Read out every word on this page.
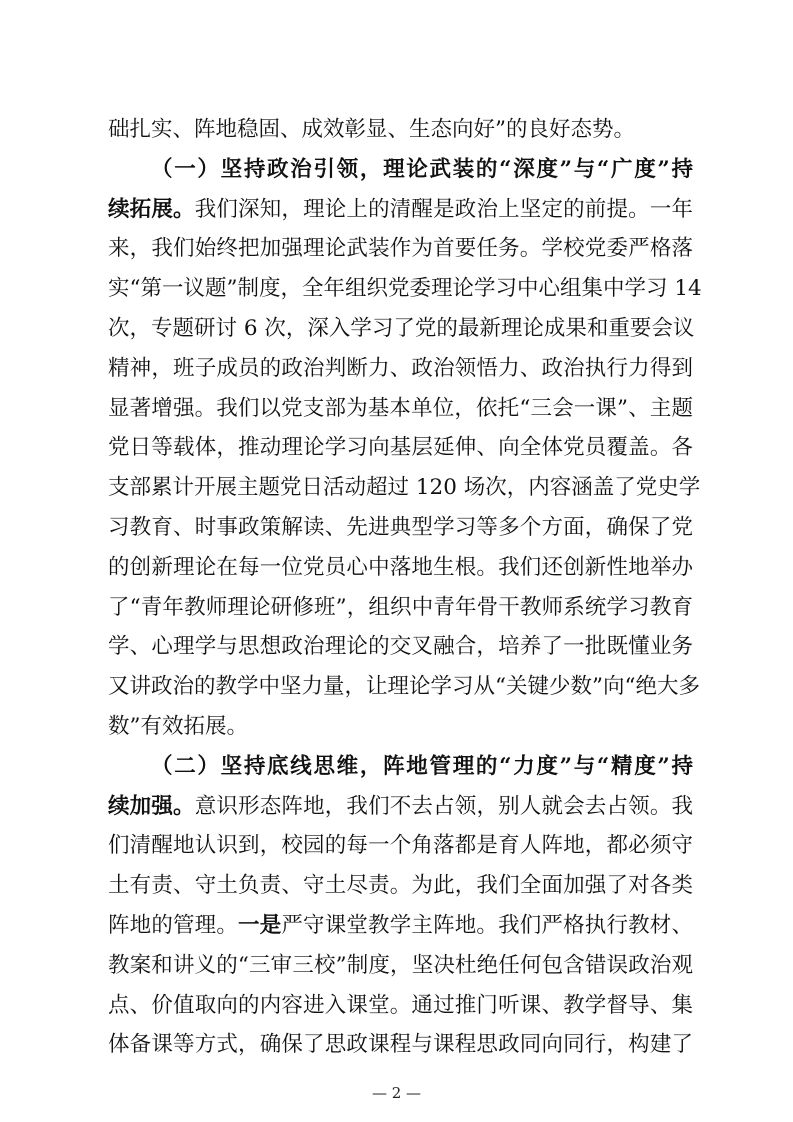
础扎实、阵地稳固、成效彰显、生态向好”的良好态势。
（一）坚持政治引领，理论武装的“深度”与“广度”持
续拓展。我们深知，理论上的清醒是政治上坚定的前提。一年
来，我们始终把加强理论武装作为首要任务。学校党委严格落
实“第一议题”制度，全年组织党委理论学习中心组集中学习 14
次，专题研讨 6 次，深入学习了党的最新理论成果和重要会议
精神，班子成员的政治判断力、政治领悟力、政治执行力得到
显著增强。我们以党支部为基本单位，依托“三会一课”、主题
党日等载体，推动理论学习向基层延伸、向全体党员覆盖。各
支部累计开展主题党日活动超过 120 场次，内容涵盖了党史学
习教育、时事政策解读、先进典型学习等多个方面，确保了党
的创新理论在每一位党员心中落地生根。我们还创新性地举办
了“青年教师理论研修班”，组织中青年骨干教师系统学习教育
学、心理学与思想政治理论的交叉融合，培养了一批既懂业务
又讲政治的教学中坚力量，让理论学习从“关键少数”向“绝大多
数”有效拓展。
（二）坚持底线思维，阵地管理的“力度”与“精度”持
续加强。意识形态阵地，我们不去占领，别人就会去占领。我
们清醒地认识到，校园的每一个角落都是育人阵地，都必须守
土有责、守土负责、守土尽责。为此，我们全面加强了对各类
阵地的管理。一是严守课堂教学主阵地。我们严格执行教材、
教案和讲义的“三审三校”制度，坚决杜绝任何包含错误政治观
点、价值取向的内容进入课堂。通过推门听课、教学督导、集
体备课等方式，确保了思政课程与课程思政同向同行，构建了
— 2 —
